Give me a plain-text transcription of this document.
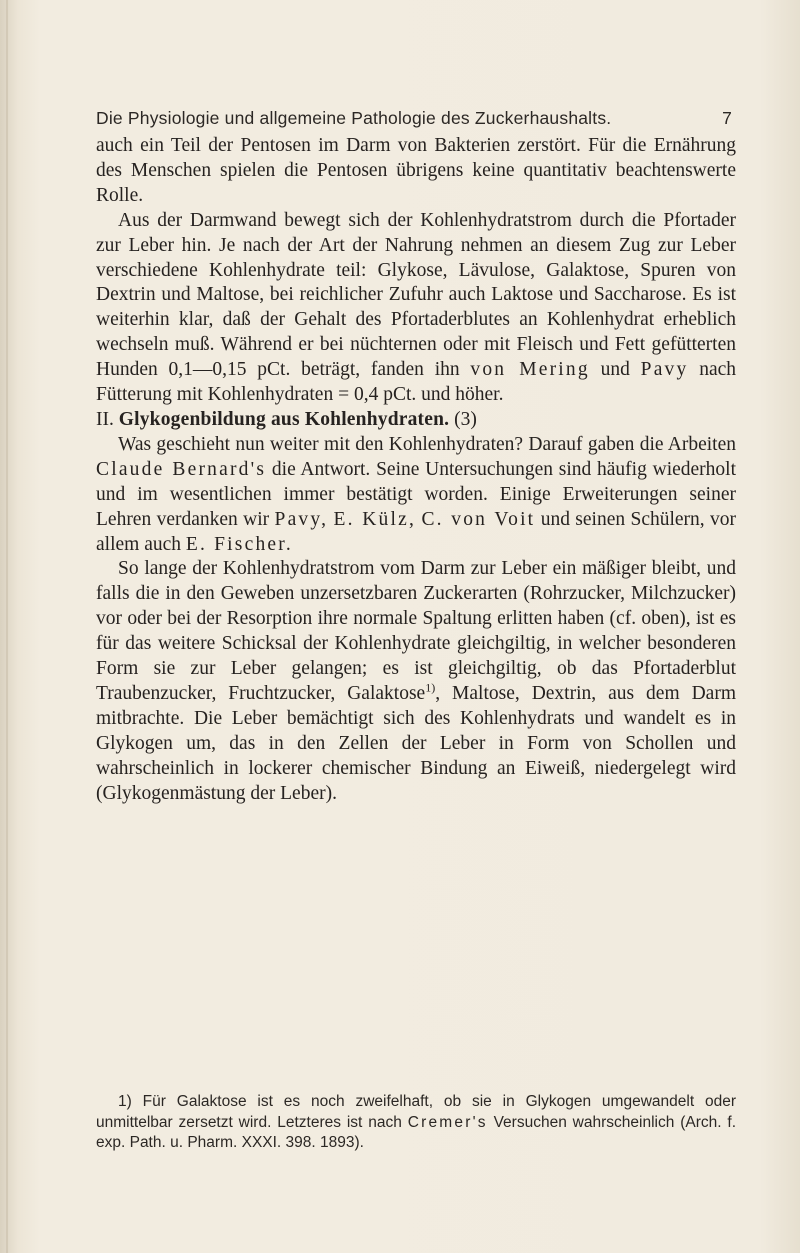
Die Physiologie und allgemeine Pathologie des Zuckerhaushalts.	7

auch ein Teil der Pentosen im Darm von Bakterien zerstört. Für die Ernährung des Menschen spielen die Pentosen übrigens keine quantitativ beachtenswerte Rolle.

Aus der Darmwand bewegt sich der Kohlenhydratstrom durch die Pfortader zur Leber hin. Je nach der Art der Nahrung nehmen an diesem Zug zur Leber verschiedene Kohlenhydrate teil: Glykose, Lävulose, Galaktose, Spuren von Dextrin und Maltose, bei reichlicher Zufuhr auch Laktose und Saccharose. Es ist weiterhin klar, daß der Gehalt des Pfortaderblutes an Kohlenhydrat erheblich wechseln muß. Während er bei nüchternen oder mit Fleisch und Fett gefütterten Hunden 0,1—0,15 pCt. beträgt, fanden ihn von Mering und Pavy nach Fütterung mit Kohlenhydraten = 0,4 pCt. und höher.

II. Glykogenbildung aus Kohlenhydraten. (3)

Was geschieht nun weiter mit den Kohlenhydraten? Darauf gaben die Arbeiten Claude Bernard's die Antwort. Seine Untersuchungen sind häufig wiederholt und im wesentlichen immer bestätigt worden. Einige Erweiterungen seiner Lehren verdanken wir Pavy, E. Külz, C. von Voit und seinen Schülern, vor allem auch E. Fischer.

So lange der Kohlenhydratstrom vom Darm zur Leber ein mäßiger bleibt, und falls die in den Geweben unzersetzbaren Zuckerarten (Rohrzucker, Milchzucker) vor oder bei der Resorption ihre normale Spaltung erlitten haben (cf. oben), ist es für das weitere Schicksal der Kohlenhydrate gleichgiltig, in welcher besonderen Form sie zur Leber gelangen; es ist gleichgiltig, ob das Pfortaderblut Traubenzucker, Fruchtzucker, Galaktose$^{1)}$, Maltose, Dextrin, aus dem Darm mitbrachte. Die Leber bemächtigt sich des Kohlenhydrats und wandelt es in Glykogen um, das in den Zellen der Leber in Form von Schollen und wahrscheinlich in lockerer chemischer Bindung an Eiweiß, niedergelegt wird (Glykogenmästung der Leber).

1) Für Galaktose ist es noch zweifelhaft, ob sie in Glykogen umgewandelt oder unmittelbar zersetzt wird. Letzteres ist nach Cremer's Versuchen wahrscheinlich (Arch. f. exp. Path. u. Pharm. XXXI. 398. 1893).
